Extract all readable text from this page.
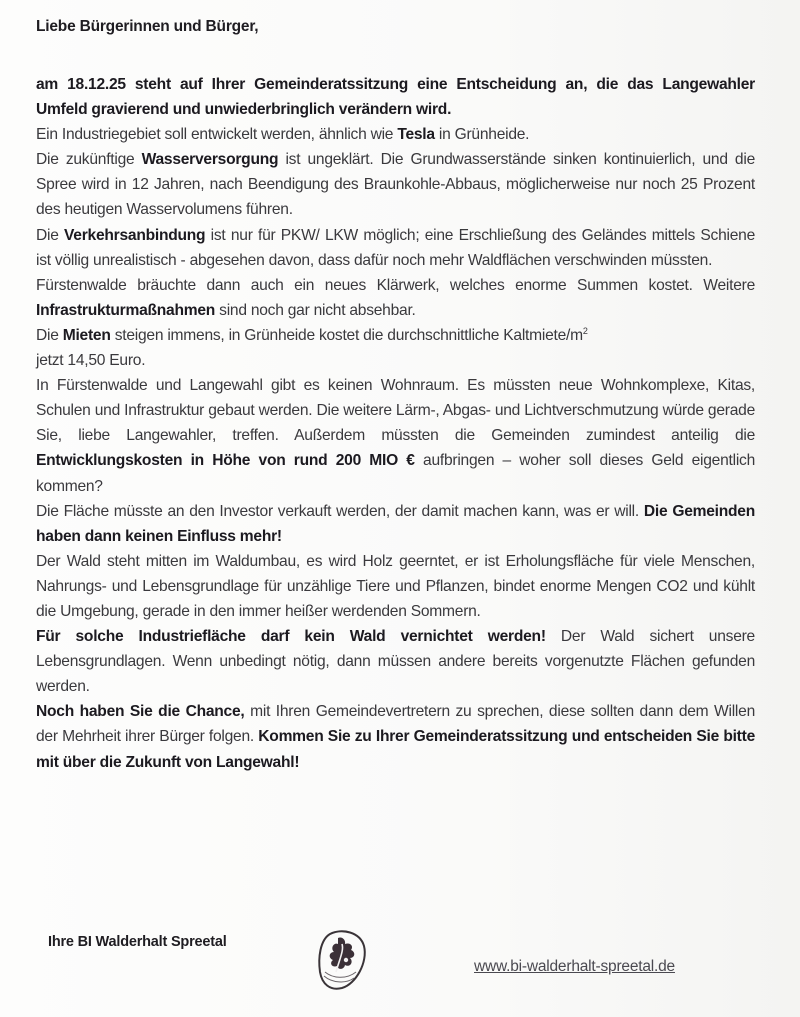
Liebe Bürgerinnen und Bürger,

am 18.12.25 steht auf Ihrer Gemeinderatssitzung eine Entscheidung an, die das Langewahler Umfeld gravierend und unwiederbringlich verändern wird.

Ein Industriegebiet soll entwickelt werden, ähnlich wie Tesla in Grünheide.

Die zukünftige Wasserversorgung ist ungeklärt. Die Grundwasserstände sinken kontinuierlich, und die Spree wird in 12 Jahren, nach Beendigung des Braunkohle-Abbaus, möglicherweise nur noch 25 Prozent des heutigen Wasservolumens führen.

Die Verkehrsanbindung ist nur für PKW/ LKW möglich; eine Erschließung des Geländes mittels Schiene ist völlig unrealistisch - abgesehen davon, dass dafür noch mehr Waldflächen verschwinden müssten.

Fürstenwalde bräuchte dann auch ein neues Klärwerk, welches enorme Summen kostet. Weitere Infrastrukturmaßnahmen sind noch gar nicht absehbar.

Die Mieten steigen immens, in Grünheide kostet die durchschnittliche Kaltmiete/$m^2$
jetzt 14,50 Euro.

In Fürstenwalde und Langewahl gibt es keinen Wohnraum. Es müssten neue Wohnkomplexe, Kitas, Schulen und Infrastruktur gebaut werden. Die weitere Lärm-, Abgas- und Lichtverschmutzung würde gerade Sie, liebe Langewahler, treffen. Außerdem müssten die Gemeinden zumindest anteilig die Entwicklungskosten in Höhe von rund 200 MIO € aufbringen – woher soll dieses Geld eigentlich kommen?

Die Fläche müsste an den Investor verkauft werden, der damit machen kann, was er will. Die Gemeinden haben dann keinen Einfluss mehr!

Der Wald steht mitten im Waldumbau, es wird Holz geerntet, er ist Erholungsfläche für viele Menschen, Nahrungs- und Lebensgrundlage für unzählige Tiere und Pflanzen, bindet enorme Mengen CO2 und kühlt die Umgebung, gerade in den immer heißer werdenden Sommern.

Für solche Industriefläche darf kein Wald vernichtet werden! Der Wald sichert unsere Lebensgrundlagen. Wenn unbedingt nötig, dann müssen andere bereits vorgenutzte Flächen gefunden werden.

Noch haben Sie die Chance, mit Ihren Gemeindevertretern zu sprechen, diese sollten dann dem Willen der Mehrheit ihrer Bürger folgen. Kommen Sie zu Ihrer Gemeinderatssitzung und entscheiden Sie bitte mit über die Zukunft von Langewahl!

Ihre BI Walderhalt Spreetal
www.bi-walderhalt-spreetal.de
